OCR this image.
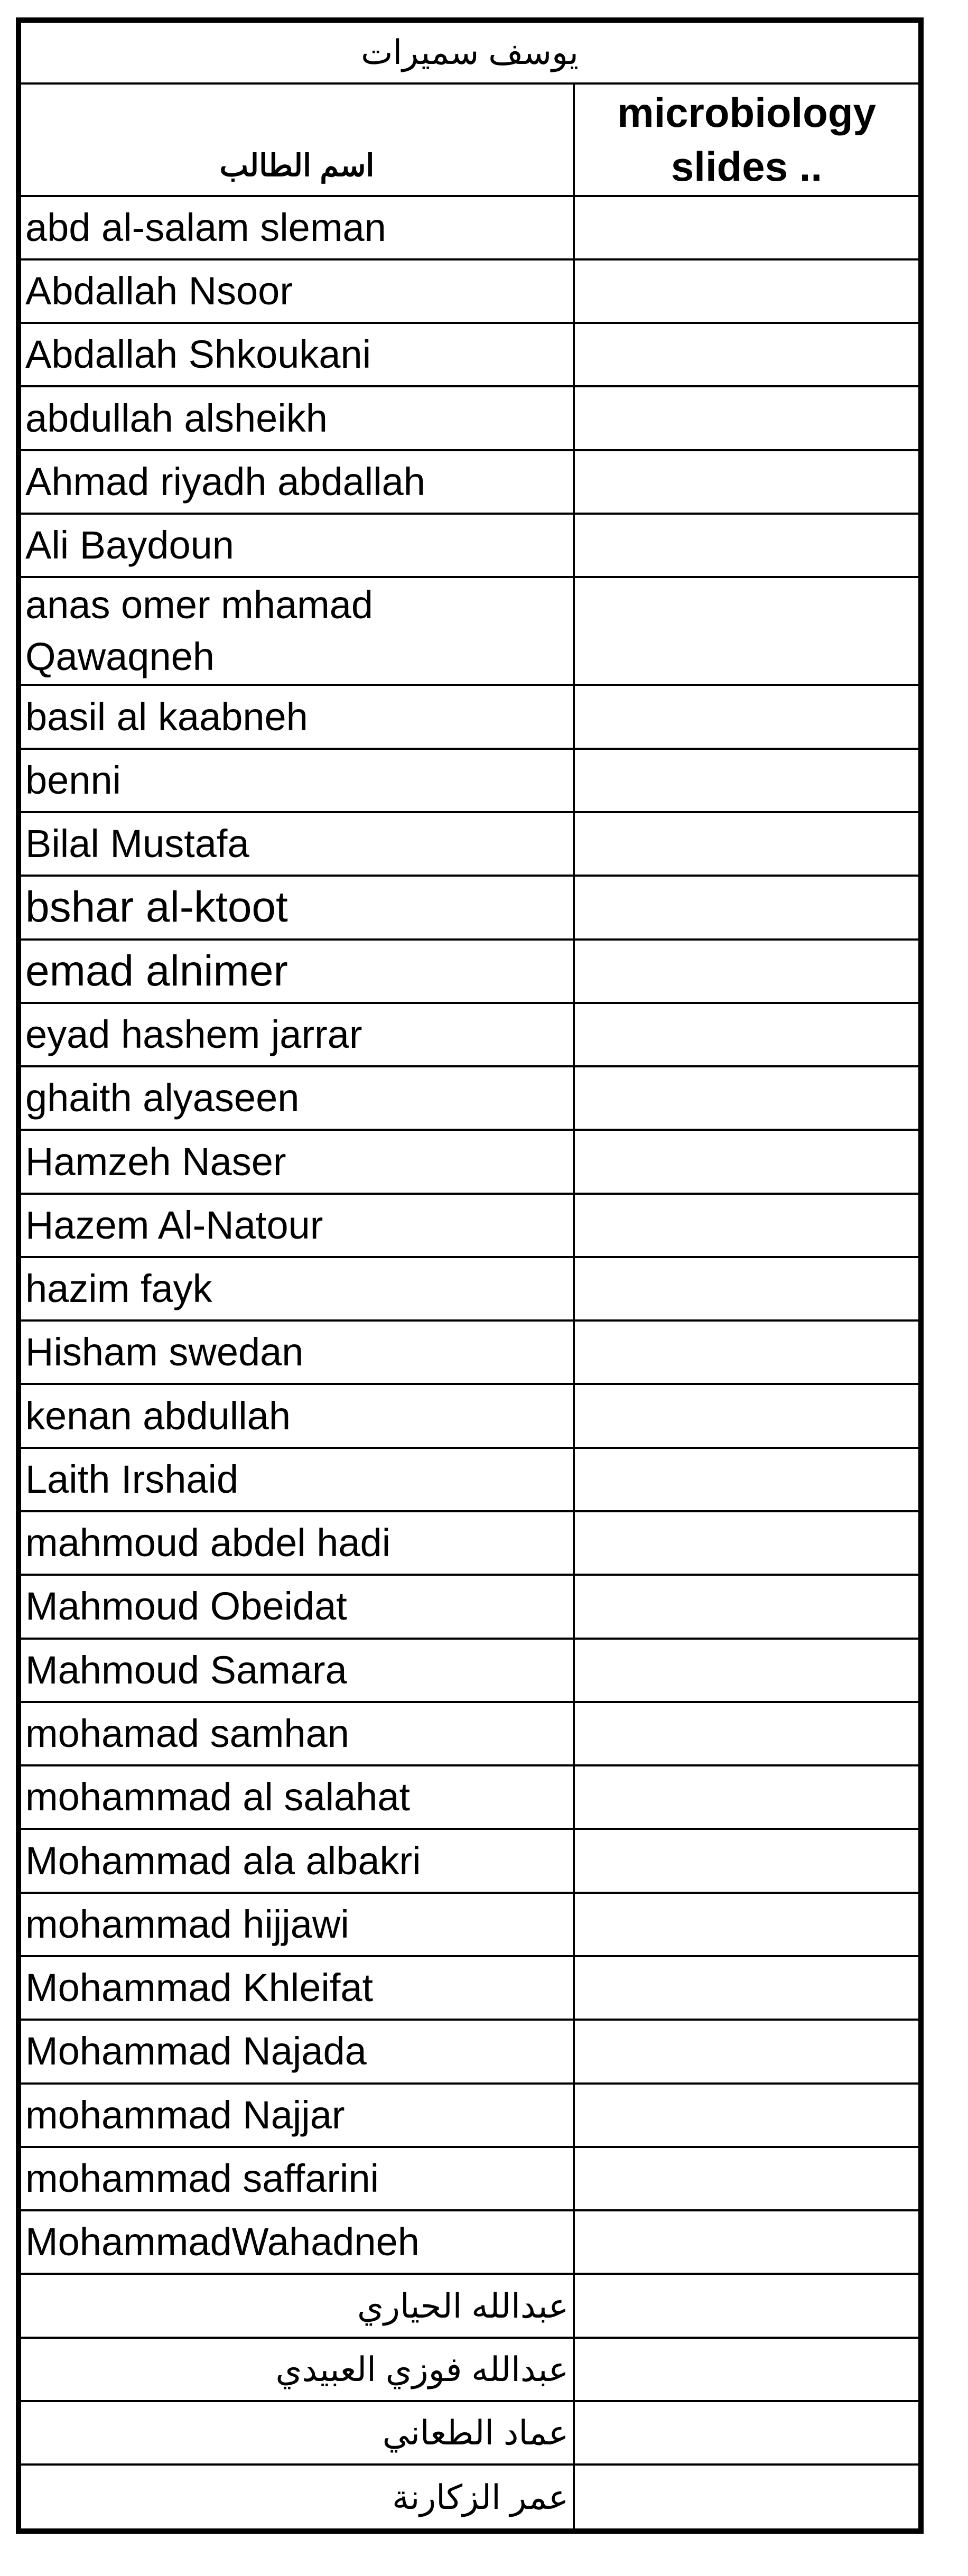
يوسف سميرات	
اسم الطالب	microbiology slides ..
abd al-salam sleman	
Abdallah Nsoor	
Abdallah Shkoukani	
abdullah alsheikh	
Ahmad riyadh abdallah	
Ali Baydoun	
anas omer mhamad Qawaqneh	
basil al kaabneh	
benni	
Bilal Mustafa	
bshar al-ktoot	
emad alnimer	
eyad hashem jarrar	
ghaith alyaseen	
Hamzeh Naser	
Hazem Al-Natour	
hazim fayk	
Hisham swedan	
kenan abdullah	
Laith Irshaid	
mahmoud abdel hadi	
Mahmoud Obeidat	
Mahmoud Samara	
mohamad samhan	
mohammad al salahat	
Mohammad ala albakri	
mohammad hijjawi	
Mohammad Khleifat	
Mohammad Najada	
mohammad Najjar	
mohammad saffarini	
MohammadWahadneh	
عبدالله الحياري	
عبدالله فوزي العبيدي	
عماد الطعاني	
عمر الزكارنة	
